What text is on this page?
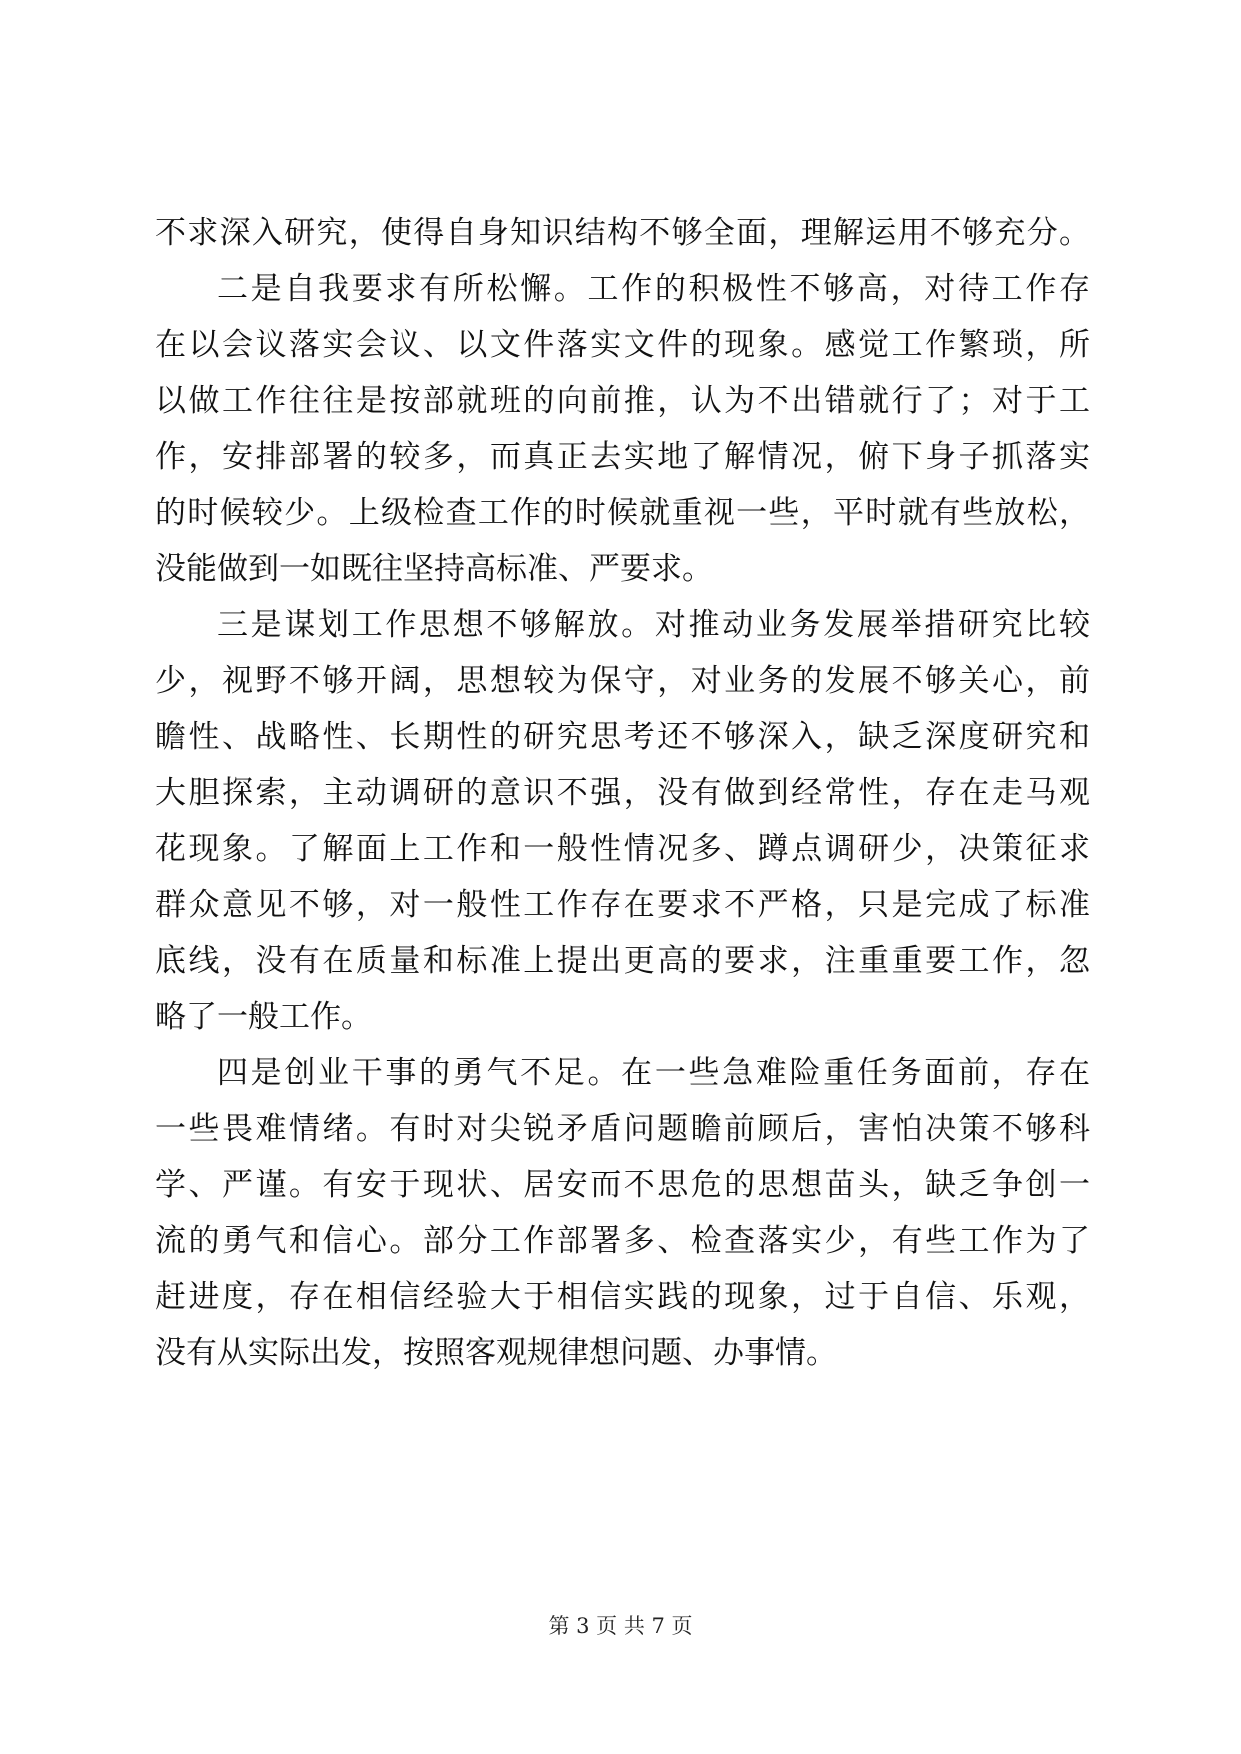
不求深入研究，使得自身知识结构不够全面，理解运用不够充分。
二是自我要求有所松懈。工作的积极性不够高，对待工作存
在以会议落实会议、以文件落实文件的现象。感觉工作繁琐，所
以做工作往往是按部就班的向前推，认为不出错就行了；对于工
作，安排部署的较多，而真正去实地了解情况，俯下身子抓落实
的时候较少。上级检查工作的时候就重视一些，平时就有些放松，
没能做到一如既往坚持高标准、严要求。
三是谋划工作思想不够解放。对推动业务发展举措研究比较
少，视野不够开阔，思想较为保守，对业务的发展不够关心，前
瞻性、战略性、长期性的研究思考还不够深入，缺乏深度研究和
大胆探索，主动调研的意识不强，没有做到经常性，存在走马观
花现象。了解面上工作和一般性情况多、蹲点调研少，决策征求
群众意见不够，对一般性工作存在要求不严格，只是完成了标准
底线，没有在质量和标准上提出更高的要求，注重重要工作，忽
略了一般工作。
四是创业干事的勇气不足。在一些急难险重任务面前，存在
一些畏难情绪。有时对尖锐矛盾问题瞻前顾后，害怕决策不够科
学、严谨。有安于现状、居安而不思危的思想苗头，缺乏争创一
流的勇气和信心。部分工作部署多、检查落实少，有些工作为了
赶进度，存在相信经验大于相信实践的现象，过于自信、乐观，
没有从实际出发，按照客观规律想问题、办事情。
第 3 页 共 7 页
